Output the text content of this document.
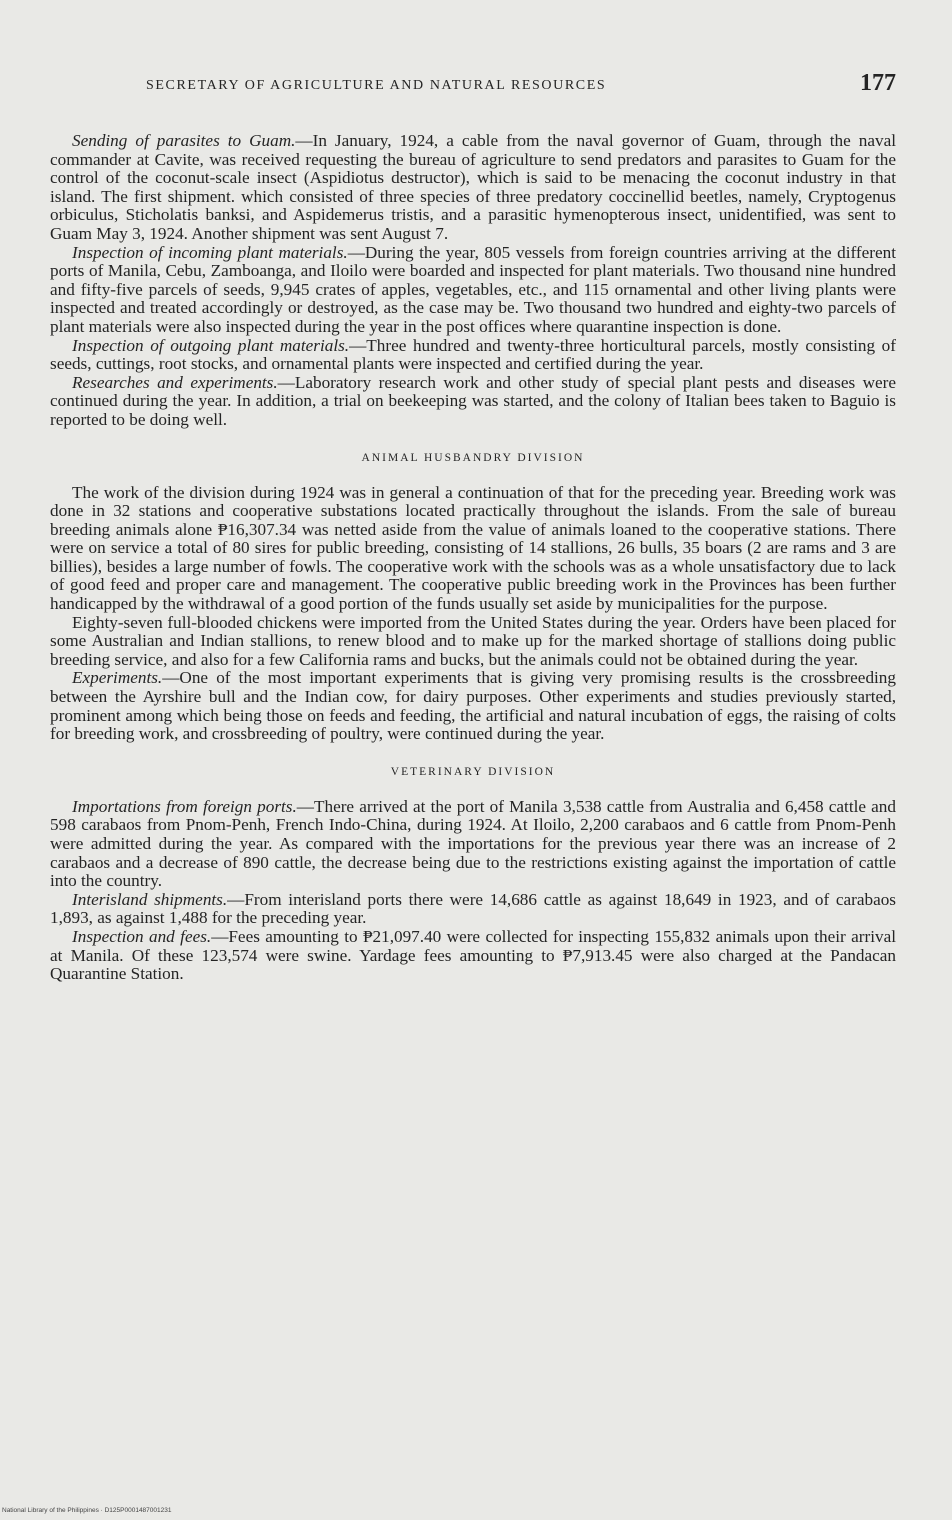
SECRETARY OF AGRICULTURE AND NATURAL RESOURCES	177

Sending of parasites to Guam.—In January, 1924, a cable from the naval governor of Guam, through the naval commander at Cavite, was received requesting the bureau of agriculture to send predators and parasites to Guam for the control of the coconut-scale insect (Aspidiotus destructor), which is said to be menacing the coconut industry in that island. The first shipment. which consisted of three species of three predatory coccinellid beetles, namely, Cryptogenus orbiculus, Sticholatis banksi, and Aspidemerus tristis, and a parasitic hymenopterous insect, unidentified, was sent to Guam May 3, 1924. Another shipment was sent August 7.

Inspection of incoming plant materials.—During the year, 805 vessels from foreign countries arriving at the different ports of Manila, Cebu, Zamboanga, and Iloilo were boarded and inspected for plant materials. Two thousand nine hundred and fifty-five parcels of seeds, 9,945 crates of apples, vegetables, etc., and 115 ornamental and other living plants were inspected and treated accordingly or destroyed, as the case may be. Two thousand two hundred and eighty-two parcels of plant materials were also inspected during the year in the post offices where quarantine inspection is done.

Inspection of outgoing plant materials.—Three hundred and twenty-three horticultural parcels, mostly consisting of seeds, cuttings, root stocks, and ornamental plants were inspected and certified during the year.

Researches and experiments.—Laboratory research work and other study of special plant pests and diseases were continued during the year. In addition, a trial on beekeeping was started, and the colony of Italian bees taken to Baguio is reported to be doing well.

ANIMAL HUSBANDRY DIVISION

The work of the division during 1924 was in general a continuation of that for the preceding year. Breeding work was done in 32 stations and cooperative substations located practically throughout the islands. From the sale of bureau breeding animals alone ₱16,307.34 was netted aside from the value of animals loaned to the cooperative stations. There were on service a total of 80 sires for public breeding, consisting of 14 stallions, 26 bulls, 35 boars (2 are rams and 3 are billies), besides a large number of fowls. The cooperative work with the schools was as a whole unsatisfactory due to lack of good feed and proper care and management. The cooperative public breeding work in the Provinces has been further handicapped by the withdrawal of a good portion of the funds usually set aside by municipalities for the purpose.

Eighty-seven full-blooded chickens were imported from the United States during the year. Orders have been placed for some Australian and Indian stallions, to renew blood and to make up for the marked shortage of stallions doing public breeding service, and also for a few California rams and bucks, but the animals could not be obtained during the year.

Experiments.—One of the most important experiments that is giving very promising results is the crossbreeding between the Ayrshire bull and the Indian cow, for dairy purposes. Other experiments and studies previously started, prominent among which being those on feeds and feeding, the artificial and natural incubation of eggs, the raising of colts for breeding work, and crossbreeding of poultry, were continued during the year.

VETERINARY DIVISION

Importations from foreign ports.—There arrived at the port of Manila 3,538 cattle from Australia and 6,458 cattle and 598 carabaos from Pnom-Penh, French Indo-China, during 1924. At Iloilo, 2,200 carabaos and 6 cattle from Pnom-Penh were admitted during the year. As compared with the importations for the previous year there was an increase of 2 carabaos and a decrease of 890 cattle, the decrease being due to the restrictions existing against the importation of cattle into the country.

Interisland shipments.—From interisland ports there were 14,686 cattle as against 18,649 in 1923, and of carabaos 1,893, as against 1,488 for the preceding year.

Inspection and fees.—Fees amounting to ₱21,097.40 were collected for inspecting 155,832 animals upon their arrival at Manila. Of these 123,574 were swine. Yardage fees amounting to ₱7,913.45 were also charged at the Pandacan Quarantine Station.

National Library of the Philippines · D125P0001487001231
